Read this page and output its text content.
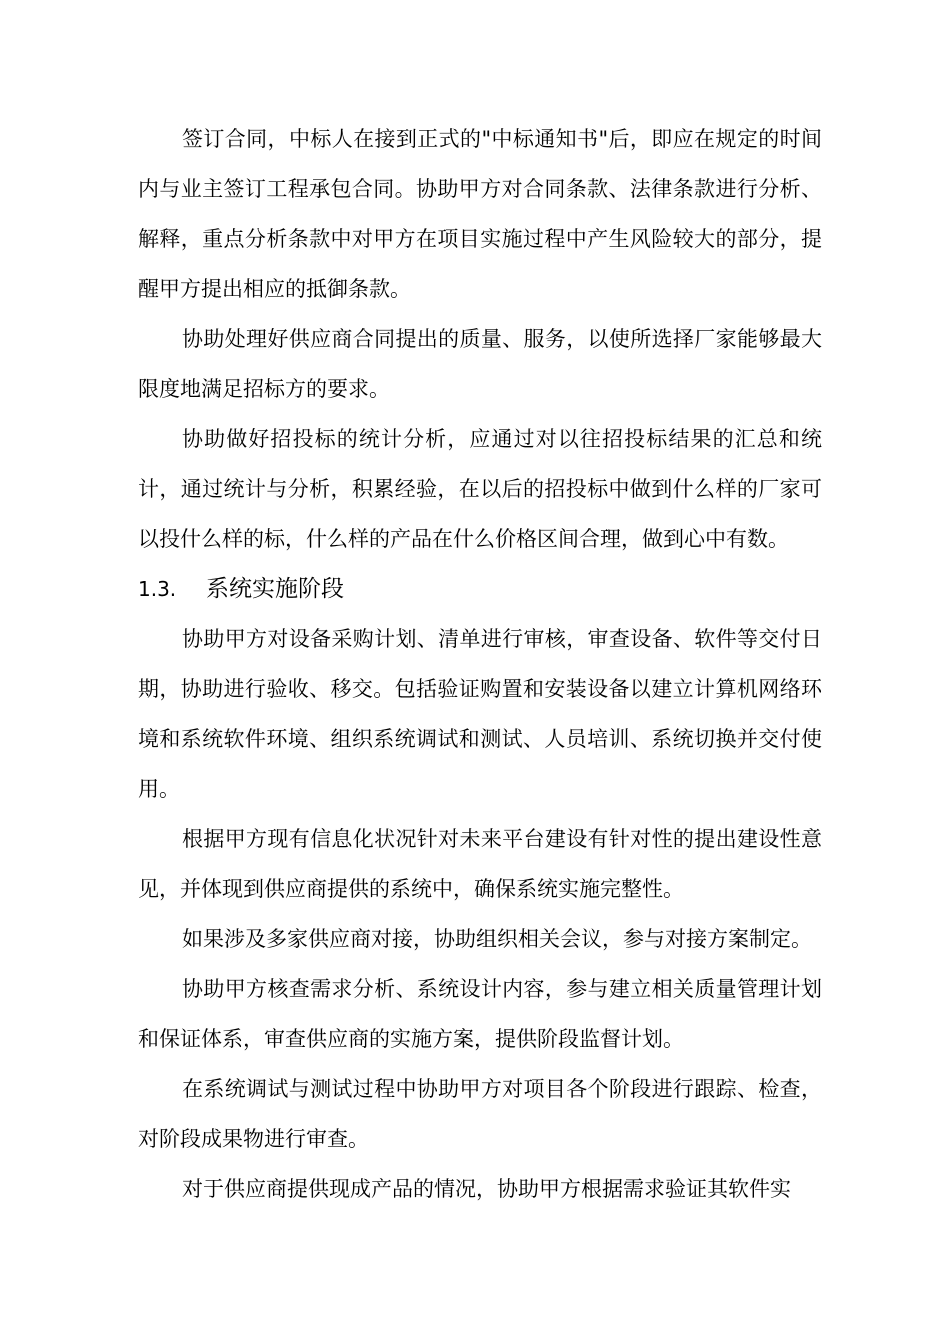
签订合同，中标人在接到正式的"中标通知书"后，即应在规定的时间内与业主签订工程承包合同。协助甲方对合同条款、法律条款进行分析、解释，重点分析条款中对甲方在项目实施过程中产生风险较大的部分，提醒甲方提出相应的抵御条款。

协助处理好供应商合同提出的质量、服务，以使所选择厂家能够最大限度地满足招标方的要求。

协助做好招投标的统计分析，应通过对以往招投标结果的汇总和统计，通过统计与分析，积累经验，在以后的招投标中做到什么样的厂家可以投什么样的标，什么样的产品在什么价格区间合理，做到心中有数。

1.3. 系统实施阶段

协助甲方对设备采购计划、清单进行审核，审查设备、软件等交付日期，协助进行验收、移交。包括验证购置和安装设备以建立计算机网络环境和系统软件环境、组织系统调试和测试、人员培训、系统切换并交付使用。

根据甲方现有信息化状况针对未来平台建设有针对性的提出建设性意见，并体现到供应商提供的系统中，确保系统实施完整性。

如果涉及多家供应商对接，协助组织相关会议，参与对接方案制定。

协助甲方核查需求分析、系统设计内容，参与建立相关质量管理计划和保证体系，审查供应商的实施方案，提供阶段监督计划。

在系统调试与测试过程中协助甲方对项目各个阶段进行跟踪、检查，对阶段成果物进行审查。

对于供应商提供现成产品的情况，协助甲方根据需求验证其软件实
